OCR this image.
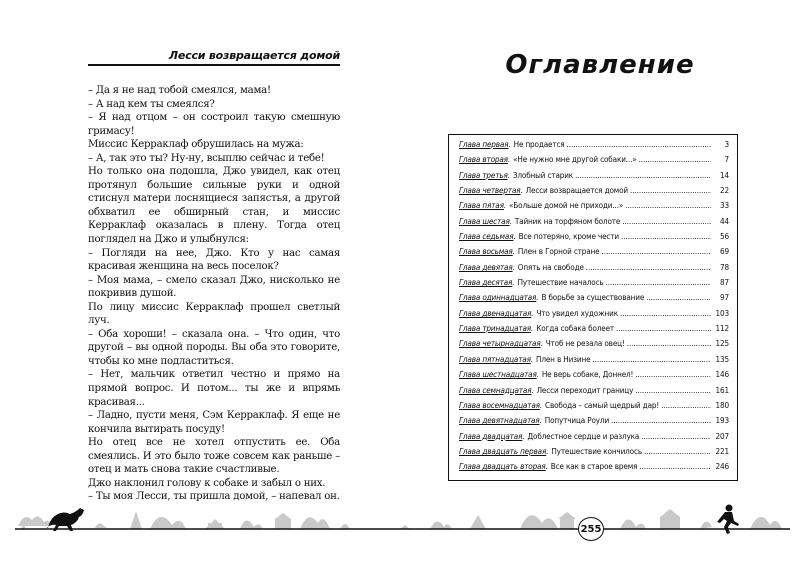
Лесси возвращается домой

– Да я не над тобой смеялся, мама!

– А над кем ты смеялся?

– Я над отцом – он состроил такую смешную гримасу!

Миссис Керраклаф обрушилась на мужа:

– А, так это ты? Ну-ну, всыплю сейчас и тебе!

Но только она подошла, Джо увидел, как отец протянул большие сильные руки и одной стиснул матери лоснящиеся запястья, а другой обхватил ее обширный стан, и миссис Керраклаф оказалась в плену. Тогда отец поглядел на Джо и улыбнулся:

– Погляди на нее, Джо. Кто у нас самая красивая женщина на весь поселок?

– Моя мама, – смело сказал Джо, нисколько не покривив душой.

По лицу миссис Керраклаф прошел светлый луч.

– Оба хороши! – сказала она. – Что один, что другой – вы одной породы. Вы оба это говорите, чтобы ко мне подластиться.

– Нет, мальчик ответил честно и прямо на прямой вопрос. И потом... ты же и впрямь красивая...

– Ладно, пусти меня, Сэм Керраклаф. Я еще не кончила вытирать посуду!

Но отец все не хотел отпустить ее. Оба смеялись. И это было тоже совсем как раньше – отец и мать снова такие счастливые.

Джо наклонил голову к собаке и забыл о них.

– Ты моя Лесси, ты пришла домой, – напевал он.

Оглавление
Глава первая. Не продается . . .	3
Глава вторая. «Не нужно мне другой собаки...» . . .	7
Глава третья. Злобный старик . . .	14
Глава четвертая. Лесси возвращается домой . . .	22
Глава пятая. «Больше домой не приходи...» . . .	33
Глава шестая. Тайник на торфяном болоте . . .	44
Глава седьмая. Все потеряно, кроме чести . . .	56
Глава восьмая. Плен в Горной стране . . .	69
Глава девятая. Опять на свободе . . .	78
Глава десятая. Путешествие началось . . .	87
Глава одиннадцатая. В борьбе за существование . . .	97
Глава двенадцатая. Что увидел художник . . .	103
Глава тринадцатая. Когда собака болеет . . .	112
Глава четырнадцатая. Чтоб не резала овец! . . .	125
Глава пятнадцатая. Плен в Низине . . .	135
Глава шестнадцатая. Не верь собаке, Доннел! . . .	146
Глава семнадцатая. Лесси переходит границу . . .	161
Глава восемнадцатая. Свобода – самый щедрый дар! . . .	180
Глава девятнадцатая. Попутчица Роули . . .	193
Глава двадцатая. Доблестное сердце и разлука . . .	207
Глава двадцать первая. Путешествие кончилось . . .	221
Глава двадцать вторая. Все как в старое время . . .	246
255
